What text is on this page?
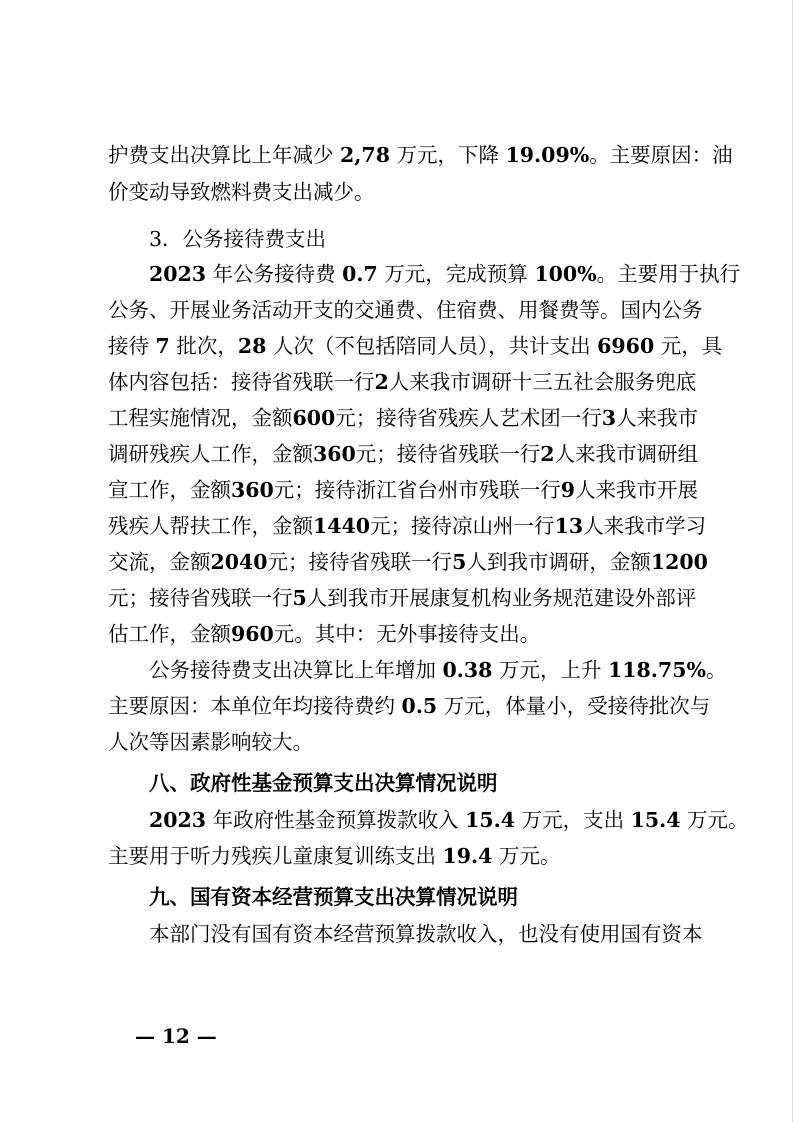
护费支出决算比上年减少 2,78 万元，下降 19.09%。主要原因：油
价变动导致燃料费支出减少。
3．公务接待费支出
2023 年公务接待费 0.7 万元，完成预算 100%。主要用于执行
公务、开展业务活动开支的交通费、住宿费、用餐费等。国内公务
接待 7 批次，28 人次（不包括陪同人员），共计支出 6960 元，具
体内容包括：接待省残联一行2人来我市调研十三五社会服务兜底
工程实施情况，金额600元；接待省残疾人艺术团一行3人来我市
调研残疾人工作，金额360元；接待省残联一行2人来我市调研组
宣工作，金额360元；接待浙江省台州市残联一行9人来我市开展
残疾人帮扶工作，金额1440元；接待凉山州一行13人来我市学习
交流，金额2040元；接待省残联一行5人到我市调研，金额1200
元；接待省残联一行5人到我市开展康复机构业务规范建设外部评
估工作，金额960元。其中：无外事接待支出。
公务接待费支出决算比上年增加 0.38 万元，上升 118.75%。
主要原因：本单位年均接待费约 0.5 万元，体量小，受接待批次与
人次等因素影响较大。
八、政府性基金预算支出决算情况说明
2023 年政府性基金预算拨款收入 15.4 万元，支出 15.4 万元。
主要用于听力残疾儿童康复训练支出 19.4 万元。
九、国有资本经营预算支出决算情况说明
本部门没有国有资本经营预算拨款收入，也没有使用国有资本
— 12 —
